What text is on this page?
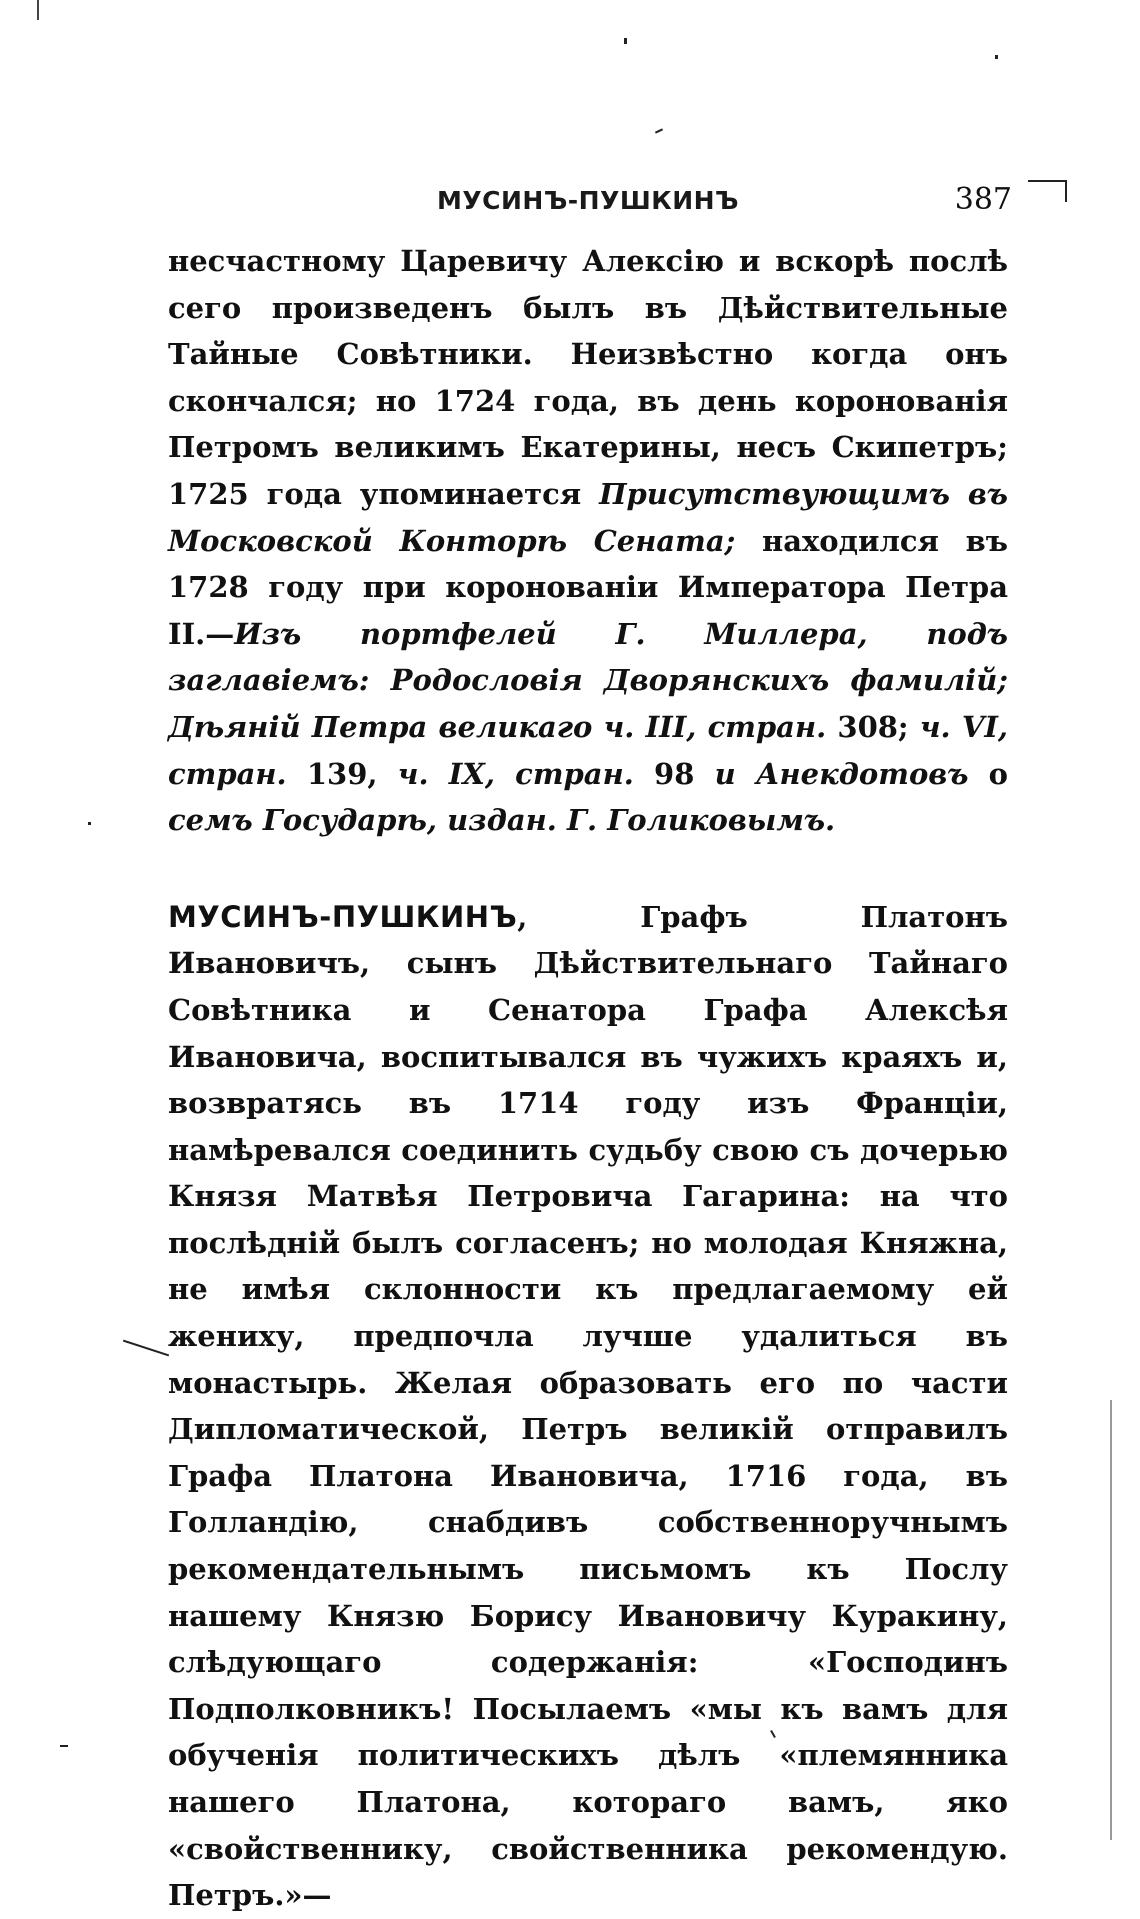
МУСИНЪ-ПУШКИНЪ	387

несчастному Царевичу Алексію и вскорѣ послѣ сего произведенъ былъ въ Дѣйствительные Тайные Совѣтники. Неизвѣстно когда онъ скончался; но 1724 года, въ день коронованія Петромъ великимъ Екатерины, несъ Скипетръ; 1725 года упоминается Присутствующимъ въ Московской Конторѣ Сената; находился въ 1728 году при коронованіи Императора Петра II.—Изъ портфелей Г. Миллера, подъ заглавіемъ: Родословія Дворянскихъ фамилій; Дѣяній Петра великаго ч. III, стран. 308; ч. VI, стран. 139, ч. IX, стран. 98 и Анекдотовъ о семъ Государѣ, издан. Г. Голиковымъ.

МУСИНЪ-ПУШКИНЪ, Графъ Платонъ Ивановичъ, сынъ Дѣйствительнаго Тайнаго Совѣтника и Сенатора Графа Алексѣя Ивановича, воспитывался въ чужихъ краяхъ и, возвратясь въ 1714 году изъ Франціи, намѣревался соединить судьбу свою съ дочерью Князя Матвѣя Петровича Гагарина: на что послѣдній былъ согласенъ; но молодая Княжна, не имѣя склонности къ предлагаемому ей жениху, предпочла лучше удалиться въ монастырь. Желая образовать его по части Дипломатической, Петръ великій отправилъ Графа Платона Ивановича, 1716 года, въ Голландію, снабдивъ собственноручнымъ рекомендательнымъ письмомъ къ Послу нашему Князю Борису Ивановичу Куракину, слѣдующаго содержанія: «Господинъ Подполковникъ! Посылаемъ «мы къ вамъ для обученія политическихъ дѣлъ «племянника нашего Платона, котораго вамъ, яко «свойственнику, свойственника рекомендую. Петръ.»—
